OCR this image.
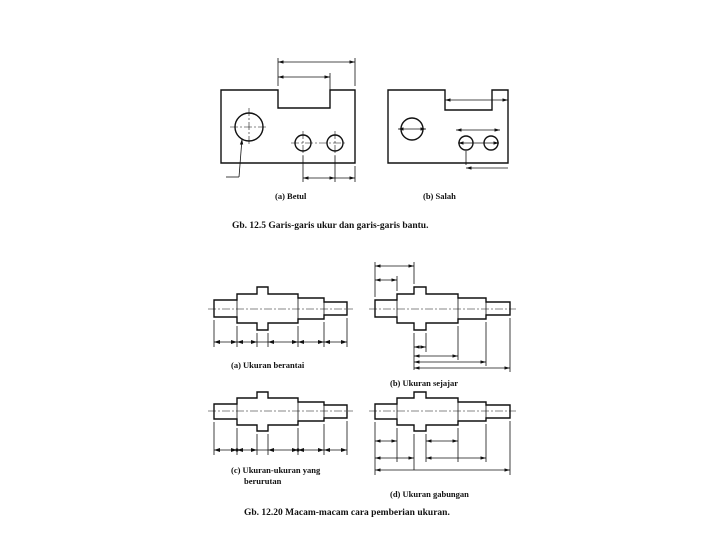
(a) Betul	(b) Salah
Gb. 12.5 Garis-garis ukur dan garis-garis bantu.
(a) Ukuran berantai
(b) Ukuran sejajar
(c) Ukuran-ukuran yang
berurutan
(d) Ukuran gabungan
Gb. 12.20 Macam-macam cara pemberian ukuran.
